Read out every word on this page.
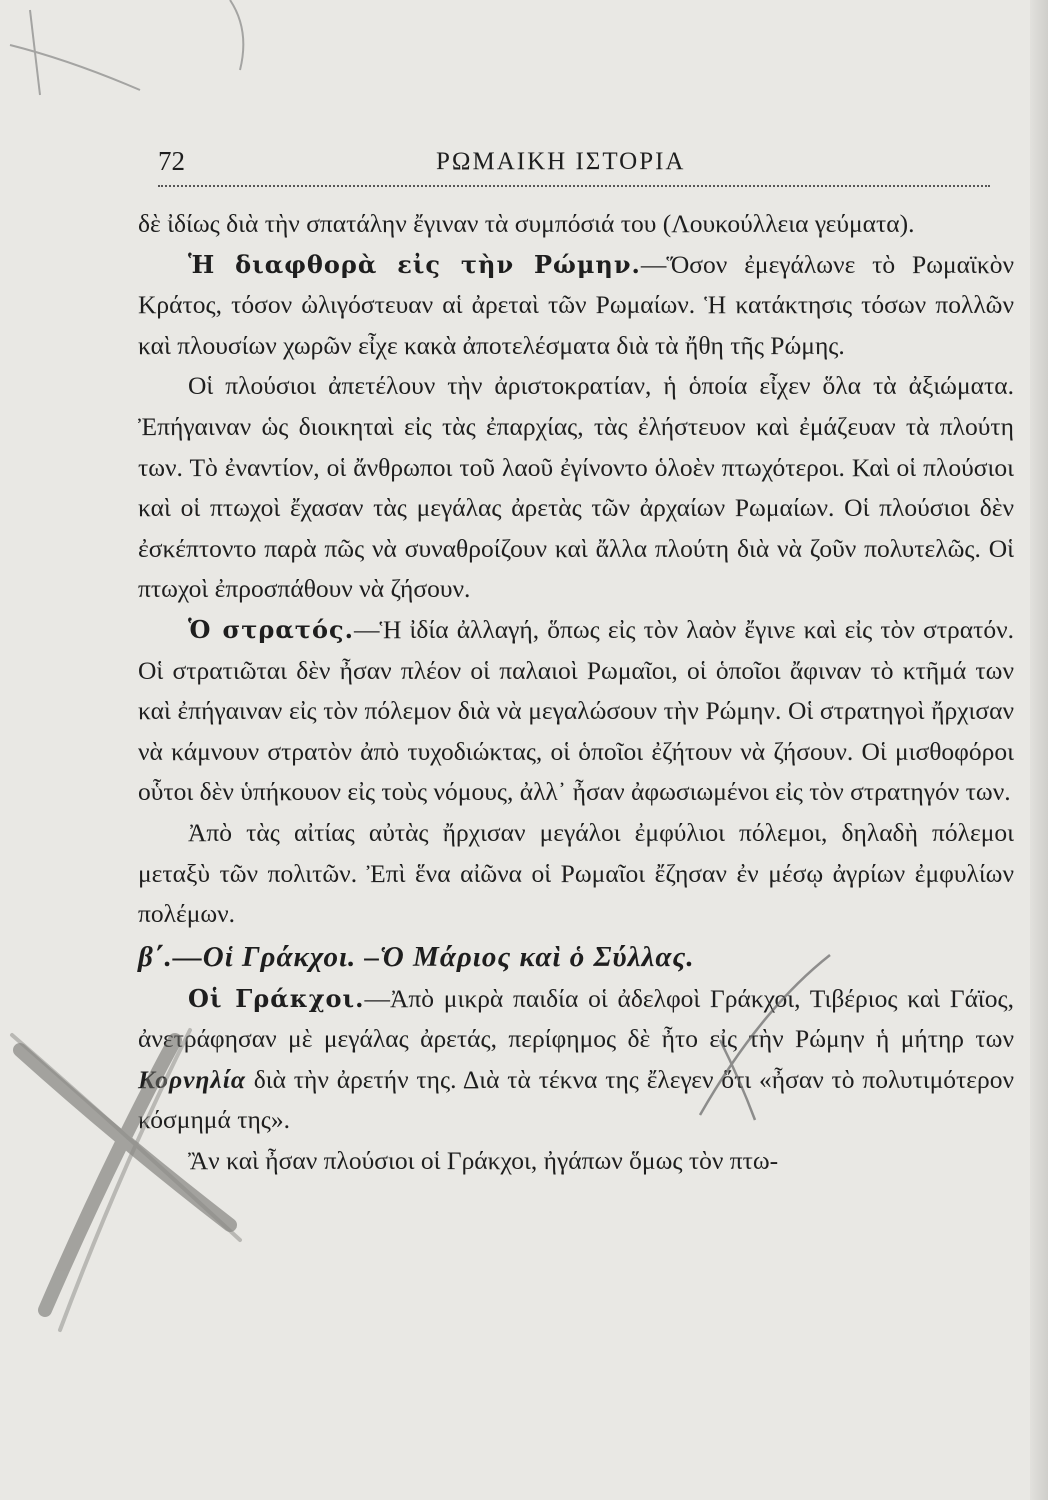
72	ΡΩΜΑΙΚΗ ΙΣΤΟΡΙΑ

δὲ ἰδίως διὰ τὴν σπατάλην ἔγιναν τὰ συμπόσιά του (Λουκούλλεια γεύματα).

Ἡ διαφθορὰ εἰς τὴν Ρώμην.—Ὅσον ἐμεγάλωνε τὸ Ρωμαϊκὸν Κράτος, τόσον ὠλιγόστευαν αἱ ἀρεταὶ τῶν Ρωμαίων. Ἡ κατάκτησις τόσων πολλῶν καὶ πλουσίων χωρῶν εἶχε κακὰ ἀποτελέσματα διὰ τὰ ἤθη τῆς Ρώμης.

Οἱ πλούσιοι ἀπετέλουν τὴν ἀριστοκρατίαν, ἡ ὁποία εἶχεν ὅλα τὰ ἀξιώματα. Ἐπήγαιναν ὡς διοικηταὶ εἰς τὰς ἐπαρχίας, τὰς ἐλήστευον καὶ ἐμάζευαν τὰ πλούτη των. Τὸ ἐναντίον, οἱ ἄνθρωποι τοῦ λαοῦ ἐγίνοντο ὁλοὲν πτωχότεροι. Καὶ οἱ πλούσιοι καὶ οἱ πτωχοὶ ἔχασαν τὰς μεγάλας ἀρετὰς τῶν ἀρχαίων Ρωμαίων. Οἱ πλούσιοι δὲν ἐσκέπτοντο παρὰ πῶς νὰ συναθροίζουν καὶ ἄλλα πλούτη διὰ νὰ ζοῦν πολυτελῶς. Οἱ πτωχοὶ ἐπροσπάθουν νὰ ζήσουν.

Ὁ στρατός.—Ἡ ἰδία ἀλλαγή, ὅπως εἰς τὸν λαὸν ἔγινε καὶ εἰς τὸν στρατόν. Οἱ στρατιῶται δὲν ἦσαν πλέον οἱ παλαιοὶ Ρωμαῖοι, οἱ ὁποῖοι ἄφιναν τὸ κτῆμά των καὶ ἐπήγαιναν εἰς τὸν πόλεμον διὰ νὰ μεγαλώσουν τὴν Ρώμην. Οἱ στρατηγοὶ ἤρχισαν νὰ κάμνουν στρατὸν ἀπὸ τυχοδιώκτας, οἱ ὁποῖοι ἐζήτουν νὰ ζήσουν. Οἱ μισθοφόροι οὗτοι δὲν ὑπήκουον εἰς τοὺς νόμους, ἀλλ᾽ ἦσαν ἀφωσιωμένοι εἰς τὸν στρατηγόν των.

Ἀπὸ τὰς αἰτίας αὐτὰς ἤρχισαν μεγάλοι ἐμφύλιοι πόλεμοι, δηλαδὴ πόλεμοι μεταξὺ τῶν πολιτῶν. Ἐπὶ ἕνα αἰῶνα οἱ Ρωμαῖοι ἔζησαν ἐν μέσῳ ἀγρίων ἐμφυλίων πολέμων.

β΄.—Οἱ Γράκχοι. –Ὁ Μάριος καὶ ὁ Σύλλας.

Οἱ Γράκχοι.—Ἀπὸ μικρὰ παιδία οἱ ἀδελφοὶ Γράκχοι, Τιβέριος καὶ Γάϊος, ἀνετράφησαν μὲ μεγάλας ἀρετάς, περίφημος δὲ ἦτο εἰς τὴν Ρώμην ἡ μήτηρ των Κορνηλία διὰ τὴν ἀρετήν της. Διὰ τὰ τέκνα της ἔλεγεν ὅτι «ἦσαν τὸ πολυτιμότερον κόσμημά της».

Ἂν καὶ ἦσαν πλούσιοι οἱ Γράκχοι, ἠγάπων ὅμως τὸν πτω-
